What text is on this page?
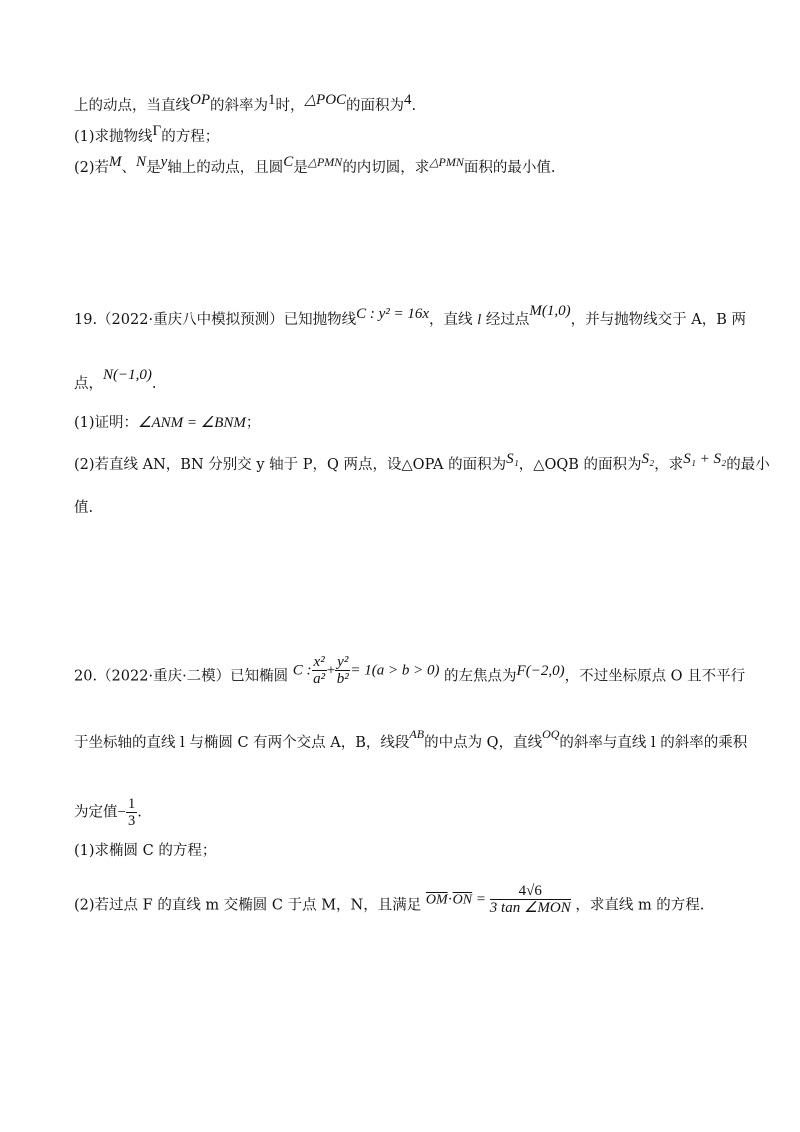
上的动点，当直线OP的斜率为1时，△POC的面积为4.
(1)求抛物线Γ的方程；
(2)若M、N是y轴上的动点，且圆C是$^{\triangle PMN}$的内切圆，求$^{\triangle PMN}$面积的最小值.
19.（2022·重庆八中模拟预测）已知抛物线C : y² = 16x，直线 l 经过点M(1,0)，并与抛物线交于 A，B 两
点，N(−1,0).
(1)证明：∠ANM = ∠BNM；
(2)若直线 AN，BN 分别交 y 轴于 P，Q 两点，设△OPA 的面积为S₁，△OQB 的面积为S₂，求S₁ + S₂的最小
值.
20.（2022·重庆·二模）已知椭圆 C : $\frac{\text{x²}}{\text{a²}} + \frac{\text{y²}}{\text{b²}} = 1(a > b > 0)$ 的左焦点为F(−2,0)，不过坐标原点 O 且不平行
于坐标轴的直线 l 与椭圆 C 有两个交点 A，B，线段$^{AB}$的中点为 Q，直线$^{OQ}$的斜率与直线 l 的斜率的乘积
为定值− $\frac{1}{3}$ .
(1)求椭圆 C 的方程；
(2)若过点 F 的直线 m 交椭圆 C 于点 M，N，且满足 $\overline{OM}\cdot\overline{ON} = \frac{4√6}{\text{3 tan ∠MON}}$ ，求直线 m 的方程.
